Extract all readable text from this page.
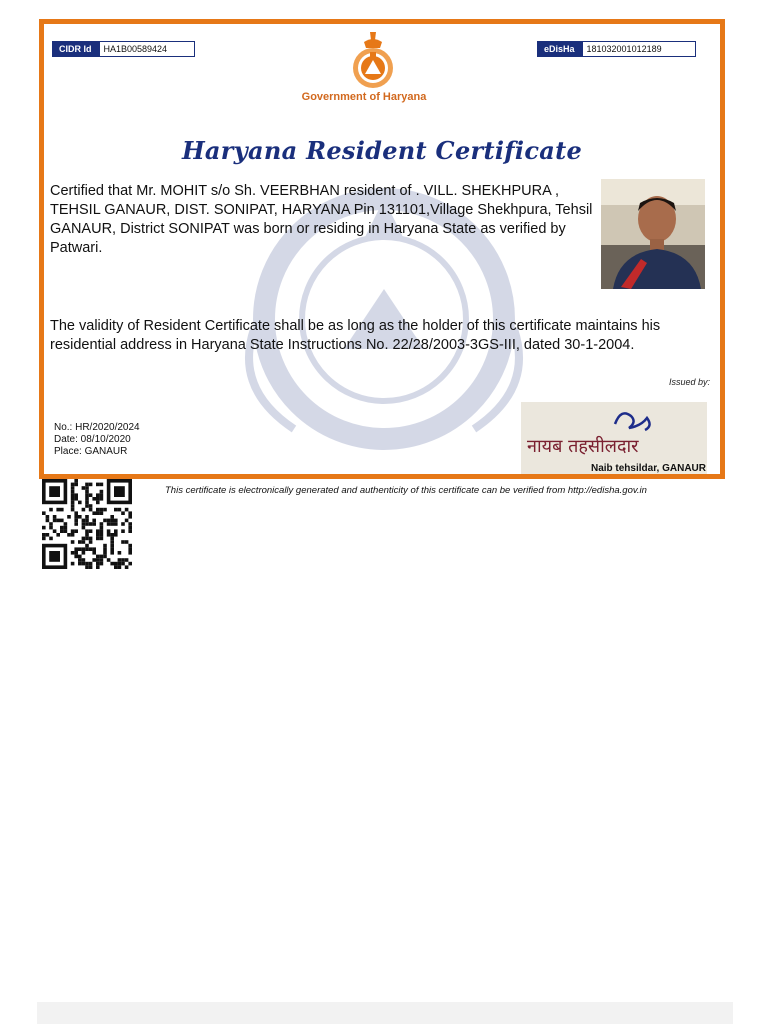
CIDR Id	HA1B00589424	eDisHa	181032001012189
Government of Haryana
Haryana Resident Certificate
Certified that Mr. MOHIT s/o Sh. VEERBHAN resident of . VILL. SHEKHPURA , TEHSIL GANAUR, DIST. SONIPAT, HARYANA Pin 131101,Village Shekhpura, Tehsil GANAUR, District SONIPAT was born or residing in Haryana State as verified by Patwari.
The validity of Resident Certificate shall be as long as the holder of this certificate maintains his residential address in Haryana State Instructions No. 22/28/2003-3GS-III, dated 30-1-2004.
Issued by:
No.: HR/2020/2024
Date: 08/10/2020
Place: GANAUR	नायब तहसीलदार
Naib tehsildar, GANAUR
This certificate is electronically generated and authenticity of this certificate can be verified from http://edisha.gov.in
